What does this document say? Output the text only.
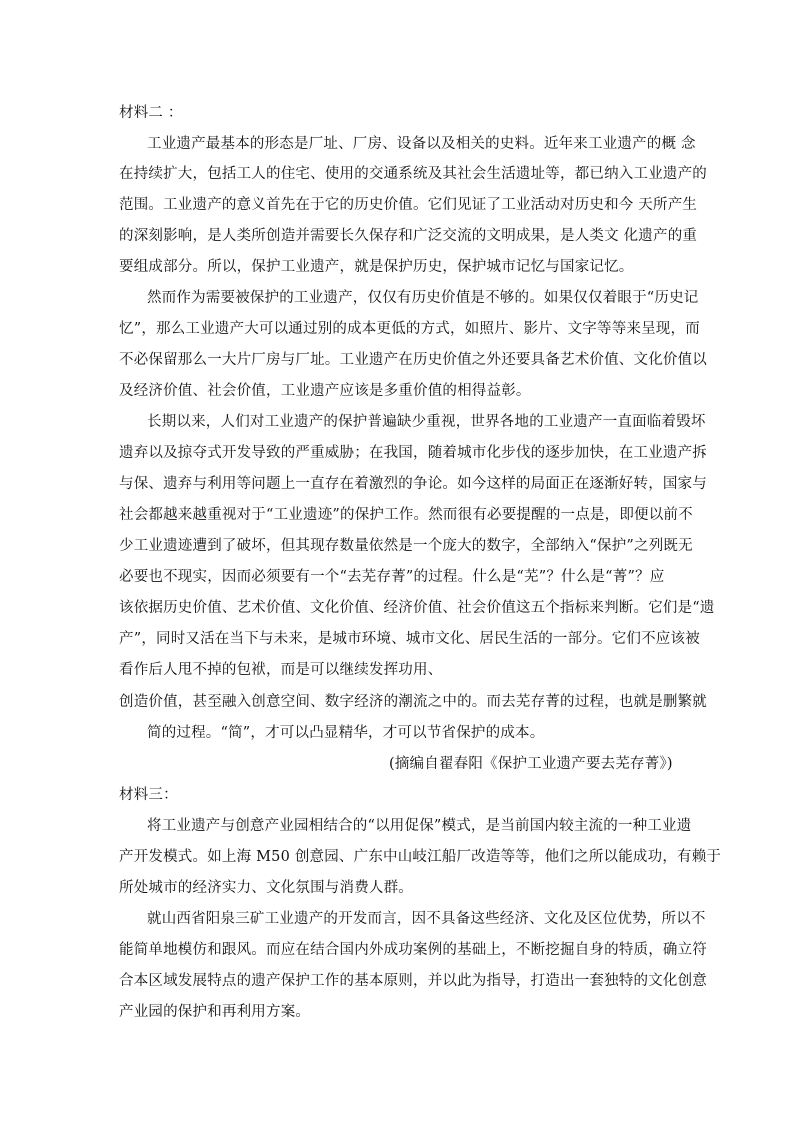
材料二 ：
工业遗产最基本的形态是厂址、厂房、设备以及相关的史料。近年来工业遗产的概 念
在持续扩大，包括工人的住宅、使用的交通系统及其社会生活遗址等，都已纳入工业遗产的
范围。工业遗产的意义首先在于它的历史价值。它们见证了工业活动对历史和今 天所产生
的深刻影响，是人类所创造并需要长久保存和广泛交流的文明成果，是人类文 化遗产的重
要组成部分。所以，保护工业遗产，就是保护历史，保护城市记忆与国家记忆。
然而作为需要被保护的工业遗产，仅仅有历史价值是不够的。如果仅仅着眼于“历史记
忆”，那么工业遗产大可以通过别的成本更低的方式，如照片、影片、文字等等来呈现，而
不必保留那么一大片厂房与厂址。工业遗产在历史价值之外还要具备艺术价值、文化价值以
及经济价值、社会价值，工业遗产应该是多重价值的相得益彰。
长期以来，人们对工业遗产的保护普遍缺少重视，世界各地的工业遗产一直面临着毁坏
遗弃以及掠夺式开发导致的严重威胁；在我国，随着城市化步伐的逐步加快，在工业遗产拆
与保、遗弃与利用等问题上一直存在着激烈的争论。如今这样的局面正在逐渐好转，国家与
社会都越来越重视对于“工业遗迹”的保护工作。然而很有必要提醒的一点是，即便以前不
少工业遗迹遭到了破坏，但其现存数量依然是一个庞大的数字，全部纳入“保护”之列既无
必要也不现实，因而必须要有一个“去芜存菁”的过程。什么是“芜”？什么是“菁”？应
该依据历史价值、艺术价值、文化价值、经济价值、社会价值这五个指标来判断。它们是“遗
产”，同时又活在当下与未来，是城市环境、城市文化、居民生活的一部分。它们不应该被
看作后人甩不掉的包袱，而是可以继续发挥功用、
创造价值，甚至融入创意空间、数字经济的潮流之中的。而去芜存菁的过程，也就是删繁就
简的过程。“简”，才可以凸显精华，才可以节省保护的成本。
(摘编自翟春阳《保护工业遗产要去芜存菁》)
材料三：
将工业遗产与创意产业园相结合的“以用促保”模式，是当前国内较主流的一种工业遗
产开发模式。如上海 M50 创意园、广东中山岐江船厂改造等等，他们之所以能成功，有赖于
所处城市的经济实力、文化氛围与消费人群。
就山西省阳泉三矿工业遗产的开发而言，因不具备这些经济、文化及区位优势，所以不
能简单地模仿和跟风。而应在结合国内外成功案例的基础上，不断挖掘自身的特质，确立符
合本区域发展特点的遗产保护工作的基本原则，并以此为指导，打造出一套独特的文化创意
产业园的保护和再利用方案。
